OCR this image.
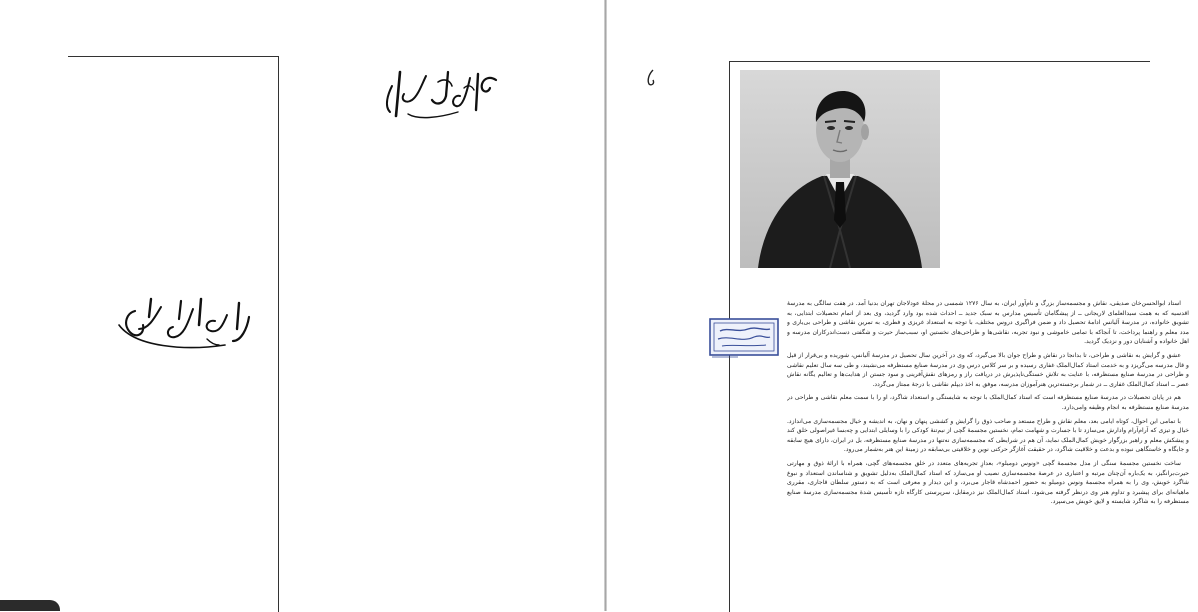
استاد ابوالحسن‌خان صدیقی، نقاش و مجسمه‌ساز بزرگ و نام‌آور ایران، به سال ۱۲۷۶ شمسی در محلهٔ عودلاجان تهران بدنیا آمد. در هفت سالگی به مدرسهٔ اقدسیه که به همت سیدالعلمای لاریجانی ــ از پیشگامان تأسیس مدارس به سبک جدید ــ احداث شده بود وارد گردید، وی بعد از اتمام تحصیلات ابتدایی، به تشویق خانواده، در مدرسهٔ آلیانس ادامهٔ تحصیل داد و ضمن فراگیری دروس مختلف، با توجه به استعداد غریزی و فطری، به تمرین نقاشی و طراحی بی‌یاری و مدد معلم و راهنما پرداخت، تا آنجاکه با تمامی خاموشی و نبود تجربه، نقاشی‌ها و طراحی‌های نخستین او، سبب‌ساز حیرت و شگفتی دست‌اندرکاران مدرسه و اهل خانواده و آشنایان دور و نزدیک گردید.

عشق و گرایش به نقاشی و طراحی، تا بدانجا در نقاش و طراح جوان بالا می‌گیرد، که وی در آخرین سال تحصیل در مدرسهٔ آلیانس، شوریده و بی‌قرار از قیل و قال مدرسه می‌گریزد و به خدمت استاد کمال‌الملک غفاری رسیده و بر سر کلاس درس وی در مدرسهٔ صنایع مستظرفه می‌نشیند، و طی سه سال تعلیم نقاشی و طراحی در مدرسهٔ صنایع مستظرفه، با عنایت به تلاش خستگی‌ناپذیرش در دریافت راز و رمزهای نقش‌آفرینی و سود جستن از هدایت‌ها و تعالیم یگانه نقاش عصر ــ استاد کمال‌الملک غفاری ــ در شمار برجسته‌ترین هنرآموزان مدرسه، موفق به اخذ دیپلم نقاشی با درجهٔ ممتاز می‌گردد.

هم در پایان تحصیلات در مدرسهٔ صنایع مستظرفه است که استاد کمال‌الملک با توجه به شایستگی و استعداد شاگرد، او را با سمت معلم نقاشی و طراحی در مدرسهٔ صنایع مستظرفه به انجام وظیفه وامی‌دارد.

با تمامی این احوال، کوتاه ایامی بعد، معلم نقاش و طراح مستعد و صاحب ذوق را گرایش و کششی پنهان و نهان، به اندیشه و خیال مجسمه‌سازی می‌اندازد. خیال و تیزی که آرام‌آرام وادارش می‌سازد تا با جسارت و شهامت تمام، نخستین مجسمهٔ گچی از نیم‌تنهٔ کودکی را با وسایلی ابتدایی و چه‌بسا غیراصولی خلق کند و پیشکش معلم و راهبر بزرگوار خویش کمال‌الملک نماید، آن هم در شرایطی که مجسمه‌سازی نه‌تنها در مدرسهٔ صنایع مستظرفه، بل در ایران، دارای هیچ سابقه و جایگاه و خاستگاهی نبوده و بدعت و خلاقیت شاگرد، در حقیقت آغازگر حرکتی نوین و خلاقیتی بی‌سابقه در زمینهٔ این هنر به‌شمار می‌رود.

ساخت نخستین مجسمهٔ سنگی از مدل مجسمهٔ گچی «ونوس دومیلو»، بعدازِ تجربه‌های متعدد در خلق مجسمه‌های گچی، همراه با ارائهٔ ذوق و مهارتی حیرت‌برانگیز، به یک‌باره آن‌چنان مرتبه و اعتباری در عرصهٔ مجسمه‌سازی نصیب او می‌سازد که استاد کمال‌الملک به‌دلیل تشویق و شناساندن استعداد و نبوغ شاگرد خویش، وی را به همراه مجسمهٔ ونوس دومیلو به حضور احمدشاه قاجار می‌برد، و این دیدار و معرفی است که به دستور سلطان قاجاری، مقرری ماهیانه‌ای برای پیشبرد و تداوم هنر وی درنظر گرفته می‌شود. استاد کمال‌الملک نیز درمقابل، سرپرستی کارگاه تازه تأسیس شدهٔ مجسمه‌سازی مدرسهٔ صنایع مستظرفه را به شاگرد شایسته و لایق خویش می‌سپرد.
